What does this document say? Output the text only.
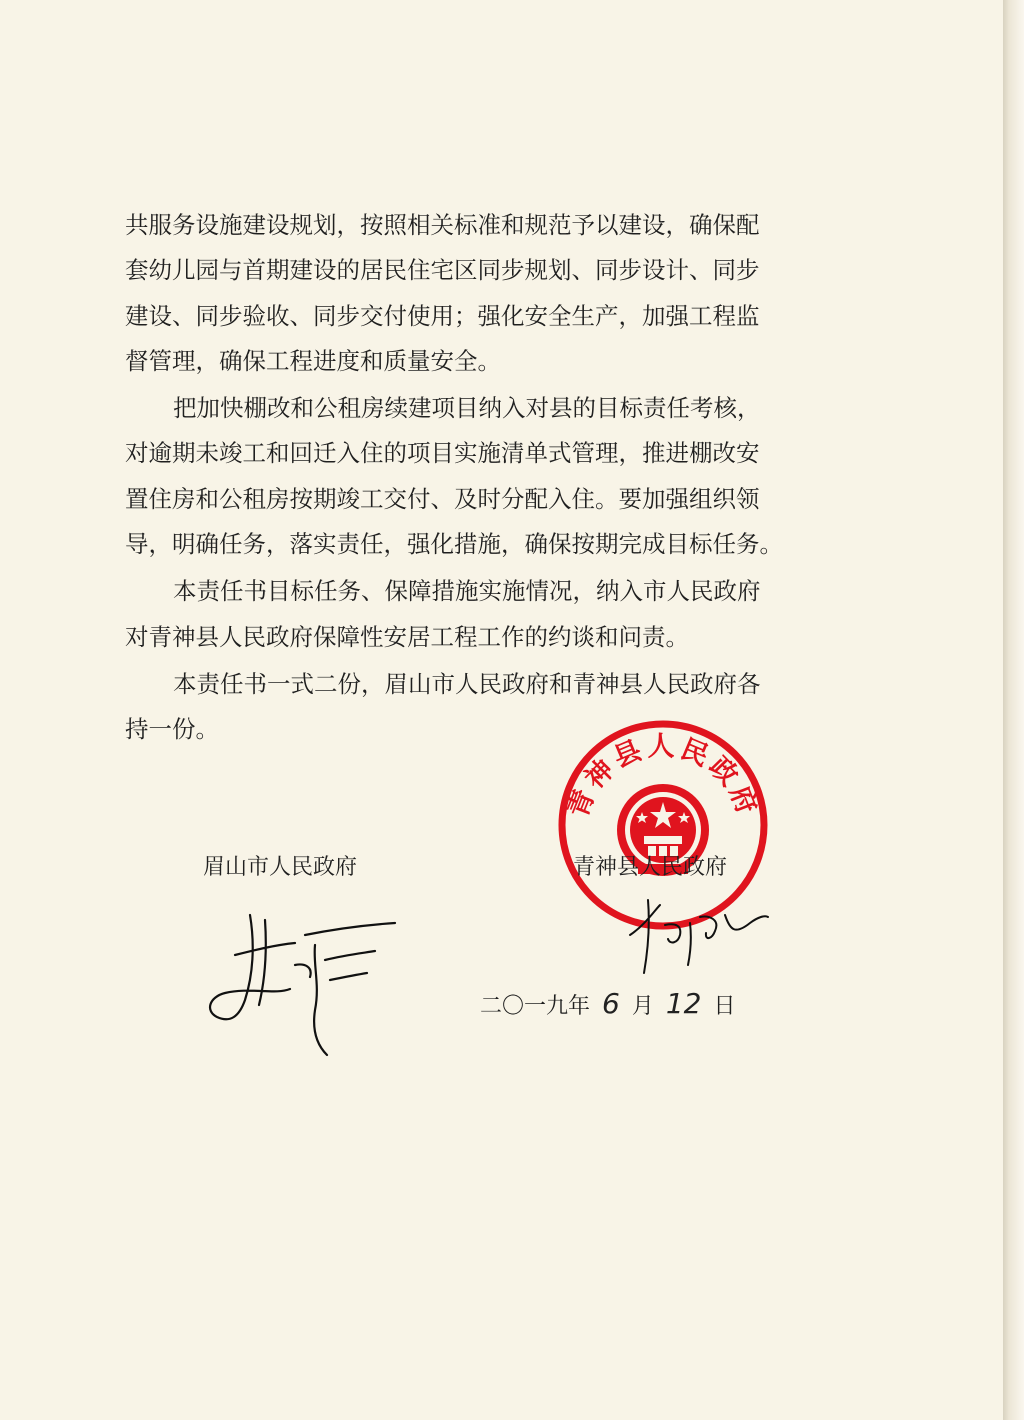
共服务设施建设规划，按照相关标准和规范予以建设，确保配
套幼儿园与首期建设的居民住宅区同步规划、同步设计、同步
建设、同步验收、同步交付使用；强化安全生产，加强工程监
督管理，确保工程进度和质量安全。
把加快棚改和公租房续建项目纳入对县的目标责任考核，
对逾期未竣工和回迁入住的项目实施清单式管理，推进棚改安
置住房和公租房按期竣工交付、及时分配入住。要加强组织领
导，明确任务，落实责任，强化措施，确保按期完成目标任务。
本责任书目标任务、保障措施实施情况，纳入市人民政府
对青神县人民政府保障性安居工程工作的约谈和问责。
本责任书一式二份，眉山市人民政府和青神县人民政府各
持一份。
青神县人民政府
眉山市人民政府	青神县人民政府
二〇一九年 6 月 12 日
